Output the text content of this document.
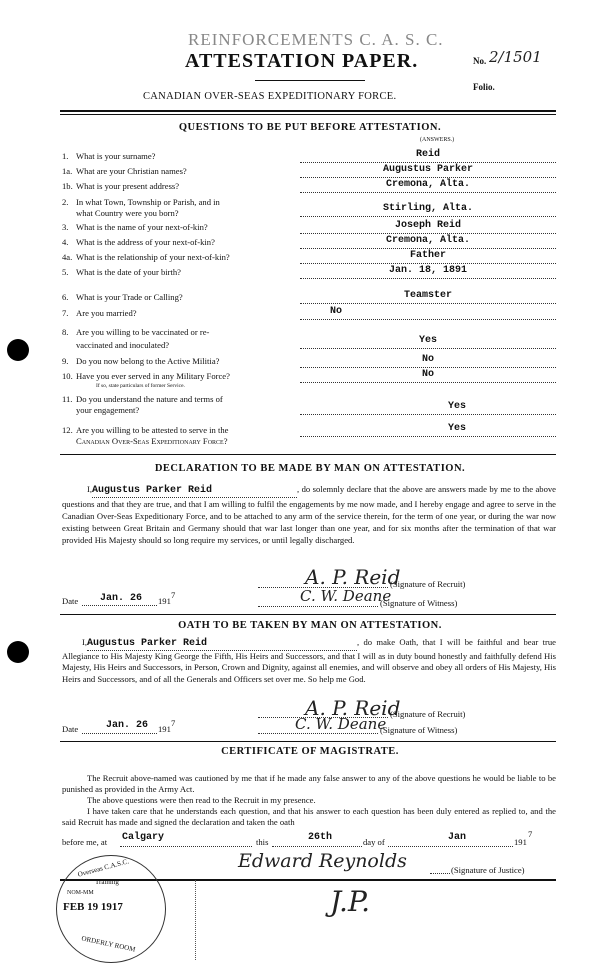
REINFORCEMENTS C. A. S. C.
ATTESTATION PAPER.	No. 2/1501
Folio.
CANADIAN OVER-SEAS EXPEDITIONARY FORCE.
QUESTIONS TO BE PUT BEFORE ATTESTATION.
(ANSWERS.)
1. What is your surname?	Reid
1a. What are your Christian names?	Augustus Parker
1b. What is your present address?	Cremona, Alta.
2. In what Town, Township or Parish, and in
what Country were you born?	Stirling, Alta.
3. What is the name of your next-of-kin?	Joseph Reid
4. What is the address of your next-of-kin?	Cremona, Alta.
4a. What is the relationship of your next-of-kin?	Father
5. What is the date of your birth?	Jan. 18, 1891
6. What is your Trade or Calling?	Teamster
7. Are you married?	No
8. Are you willing to be vaccinated or re-
vaccinated and inoculated?	Yes
9. Do you now belong to the Active Militia?	No
10. Have you ever served in any Military Force?
$^{If so, state particulars of former Service.}$
No
11. Do you understand the nature and terms of
your engagement?	Yes
12. Are you willing to be attested to serve in the
Canadian Over-Seas Expeditionary Force?
Yes
DECLARATION TO BE MADE BY MAN ON ATTESTATION.
I,Augustus Parker Reid	, do solemnly declare that the above are answers made by me to the above questions and that they are true, and that I am willing to fulfil the engagements by me now made, and I hereby engage and agree to serve in the Canadian Over-Seas Expeditionary Force, and to be attached to any arm of the service therein, for the term of one year, or during the war now existing between Great Britain and Germany should that war last longer than one year, and for six months after the termination of that war provided His Majesty should so long require my services, or until legally discharged.
A. P. Reid
(Signature of Recruit)
Date Jan. 26 191
7	C. W. Deane
(Signature of Witness)
OATH TO BE TAKEN BY MAN ON ATTESTATION.
I,Augustus Parker Reid	, do make Oath, that I will be faithful and bear true Allegiance to His Majesty King George the Fifth, His Heirs and Successors, and that I will as in duty bound honestly and faithfully defend His Majesty, His Heirs and Successors, in Person, Crown and Dignity, against all enemies, and will observe and obey all orders of His Majesty, His Heirs and Successors, and of all the Generals and Officers set over me. So help me God.
A. P. Reid
(Signature of Recruit)
Date	Jan. 26 191
7	C. W. Deane
(Signature of Witness)
CERTIFICATE OF MAGISTRATE.
The Recruit above-named was cautioned by me that if he made any false answer to any of the above questions he would be liable to be punished as provided in the Army Act.
The above questions were then read to the Recruit in my presence.
I have taken care that he understands each question, and that his answer to each question has been duly entered as replied to, and the said Recruit has made and signed the declaration and taken the oath
before me, at Calgary	this	26th	day of	Jan	191
7
Edward Reynolds	(Signature of Justice)
J.P.
Overseas C.A.S.C.
Training
NOM-MM
FEB 19 1917
ORDERLY ROOM
